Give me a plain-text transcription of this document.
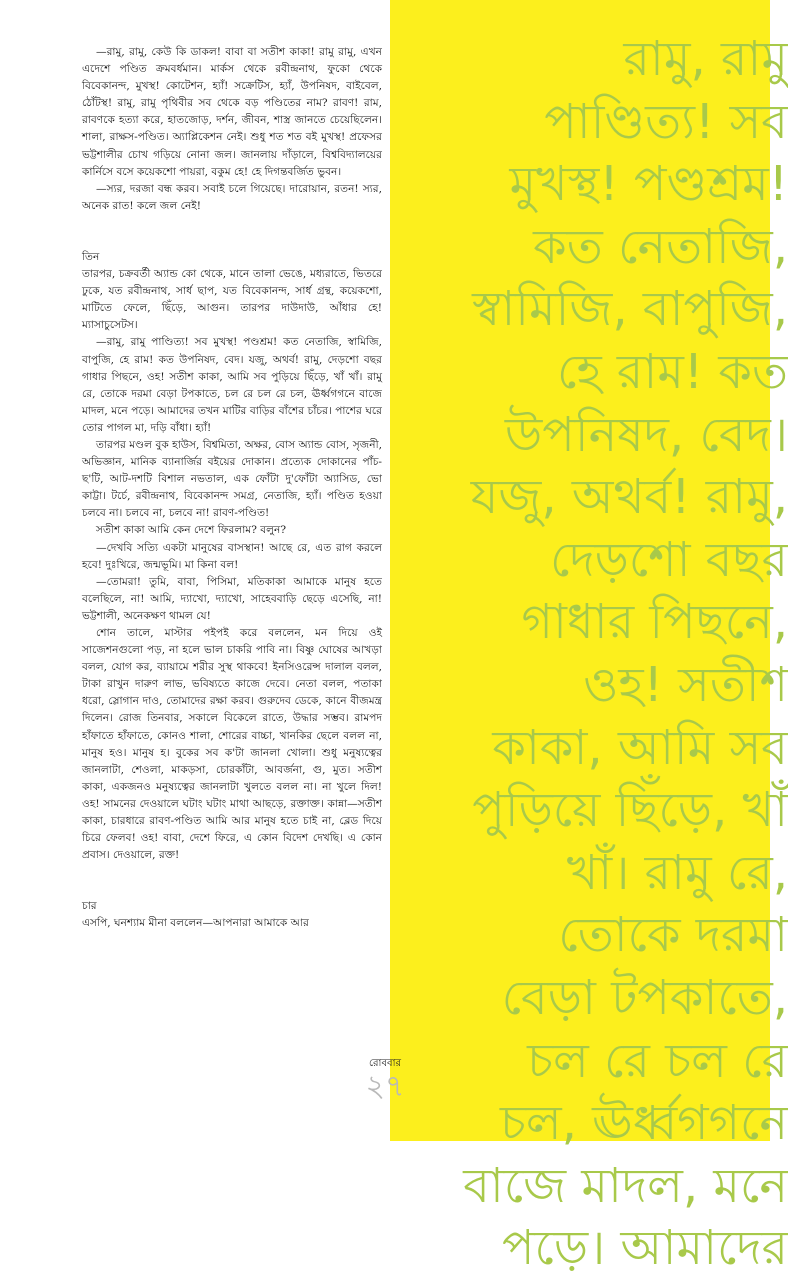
—রামু, রামু, কেউ কি ডাকল! বাবা বা সতীশ কাকা! রামু রামু, এখন এদেশে পণ্ডিত ক্রমবর্ধমান। মার্কস থেকে রবীন্দ্রনাথ, ফুকো থেকে বিবেকানন্দ, মুখস্থ! কোটেশন, হ্যাঁ! সক্রেটিস, হ্যাঁ, উপনিষদ, বাইবেল, ঠোঁটস্থ! রামু, রামু পৃথিবীর সব থেকে বড় পণ্ডিতের নাম? রাবণ! রাম, রাবণকে হত্যা করে, হাতজোড়, দর্শন, জীবন, শাস্ত্র জানতে চেয়েছিলেন। শালা, রাক্ষস-পণ্ডিত। অ্যাপ্লিকেশন নেই। শুধু শত শত বই মুখস্থ! প্রফেসর ভট্টশালীর চোখ গড়িয়ে নোনা জল। জানলায় দাঁড়ালে, বিশ্ববিদ্যালয়ের কার্নিসে বসে কয়েকশো পায়রা, বকুম হে! হে দিগন্তবর্জিত ভুবন।

—স্যর, দরজা বন্ধ করব। সবাই চলে গিয়েছে। দারোয়ান, রতন! স্যর, অনেক রাত! কলে জল নেই!

তিন

তারপর, চক্রবর্তী অ্যান্ড কো থেকে, মানে তালা ভেঙে, মধ্যরাতে, ভিতরে ঢুকে, যত রবীন্দ্রনাথ, সার্ধ ছাপ, যত বিবেকানন্দ, সার্ধ গ্রন্থ, কয়েকশো, মাটিতে ফেলে, ছিঁড়ে, আগুন। তারপর দাউদাউ, আঁধার হে! ম্যাসাচুসেটস।

—রামু, রামু পাণ্ডিত্য! সব মুখস্থ! পণ্ডশ্রম! কত নেতাজি, স্বামিজি, বাপুজি, হে রাম! কত উপনিষদ, বেদ। যজু, অথর্ব! রামু, দেড়শো বছর গাধার পিছনে, ওহ! সতীশ কাকা, আমি সব পুড়িয়ে ছিঁড়ে, খাঁ খাঁ। রামু রে, তোকে দরমা বেড়া টপকাতে, চল রে চল রে চল, ঊর্ধ্বগগনে বাজে মাদল, মনে পড়ে। আমাদের তখন মাটির বাড়ির বাঁশের চাঁচর। পাশের ঘরে তোর পাগল মা, দড়ি বাঁধা। হ্যাঁ!

তারপর মণ্ডল বুক হাউস, বিশ্বমিতা, অক্ষর, বোস অ্যান্ড বোস, সৃজনী, অভিজ্ঞান, মানিক ব্যানার্জির বইয়ের দোকান। প্রত্যেক দোকানের পাঁচ-ছ'টি, আট-দশটি বিশাল নভতাল, এক ফোঁটা দু'ফোঁটা অ্যাসিড, ভো কাট্টা। টর্চে, রবীন্দ্রনাথ, বিবেকানন্দ সমগ্র, নেতাজি, হ্যাঁ। পণ্ডিত হওয়া চলবে না। চলবে না, চলবে না! রাবণ-পণ্ডিত!

সতীশ কাকা আমি কেন দেশে ফিরলাম? বলুন?

—দেখবি সত্যি একটা মানুষের বাসস্থান! আছে রে, এত রাগ করলে হবে! দুঃখিরে, জন্মভূমি। মা কিনা বল!

—তোমরা! তুমি, বাবা, পিসিমা, মতিকাকা আমাকে মানুষ হতে বলেছিলে, না! আমি, দ্যাখো, দ্যাখো, সাহেববাড়ি ছেড়ে এসেছি, না! ভট্টশালী, অনেকক্ষণ থামল যে!

শোন তালে, মাস্টার পইপই করে বললেন, মন দিয়ে ওই সাজেশনগুলো পড়, না হলে ভাল চাকরি পাবি না। বিষ্ণু ঘোষের আখড়া বলল, যোগ কর, ব্যায়ামে শরীর সুস্থ থাকবে! ইনসিওরেন্স দালাল বলল, টাকা রাখুন দারুণ লাভ, ভবিষ্যতে কাজে দেবে। নেতা বলল, পতাকা ধরো, স্লোগান দাও, তোমাদের রক্ষা করব। গুরুদেব ডেকে, কানে বীজমন্ত্র দিলেন। রোজ তিনবার, সকালে বিকেলে রাতে, উদ্ধার সম্ভব। রামপদ হাঁফাতে হাঁফাতে, কোনও শালা, শোরের বাচ্চা, খানকির ছেলে বলল না, মানুষ হও। মানুষ হ। বুকের সব ক'টা জানলা খোলা। শুধু মনুষ্যত্বের জানলাটা, শেওলা, মাকড়সা, চোরকাঁটা, আবর্জনা, গু, মুত। সতীশ কাকা, একজনও মনুষ্যত্বের জানলাটা খুলতে বলল না। না খুলে দিল! ওহ! সামনের দেওয়ালে ঘটাং ঘটাং মাথা আছড়ে, রক্তাক্ত। কান্না—সতীশ কাকা, চারধারে রাবণ-পণ্ডিত আমি আর মানুষ হতে চাই না, ব্লেড দিয়ে চিরে ফেলব! ওহ! বাবা, দেশে ফিরে, এ কোন বিদেশ দেখছি। এ কোন প্রবাস। দেওয়ালে, রক্ত!

চার

এসপি, ঘনশ্যাম মীনা বললেন—আপনারা আমাকে আর

রামু, রামু
পাণ্ডিত্য! সব
মুখস্থ! পণ্ডশ্রম!
কত নেতাজি,
স্বামিজি, বাপুজি,
হে রাম! কত
উপনিষদ, বেদ।
যজু, অথর্ব! রামু,
দেড়শো বছর
গাধার পিছনে,
ওহ! সতীশ
কাকা, আমি সব
পুড়িয়ে ছিঁড়ে, খাঁ
খাঁ। রামু রে,
তোকে দরমা
বেড়া টপকাতে,
চল রে চল রে
চল, ঊর্ধ্বগগনে
বাজে মাদল, মনে
পড়ে। আমাদের
রোববার
২৭
